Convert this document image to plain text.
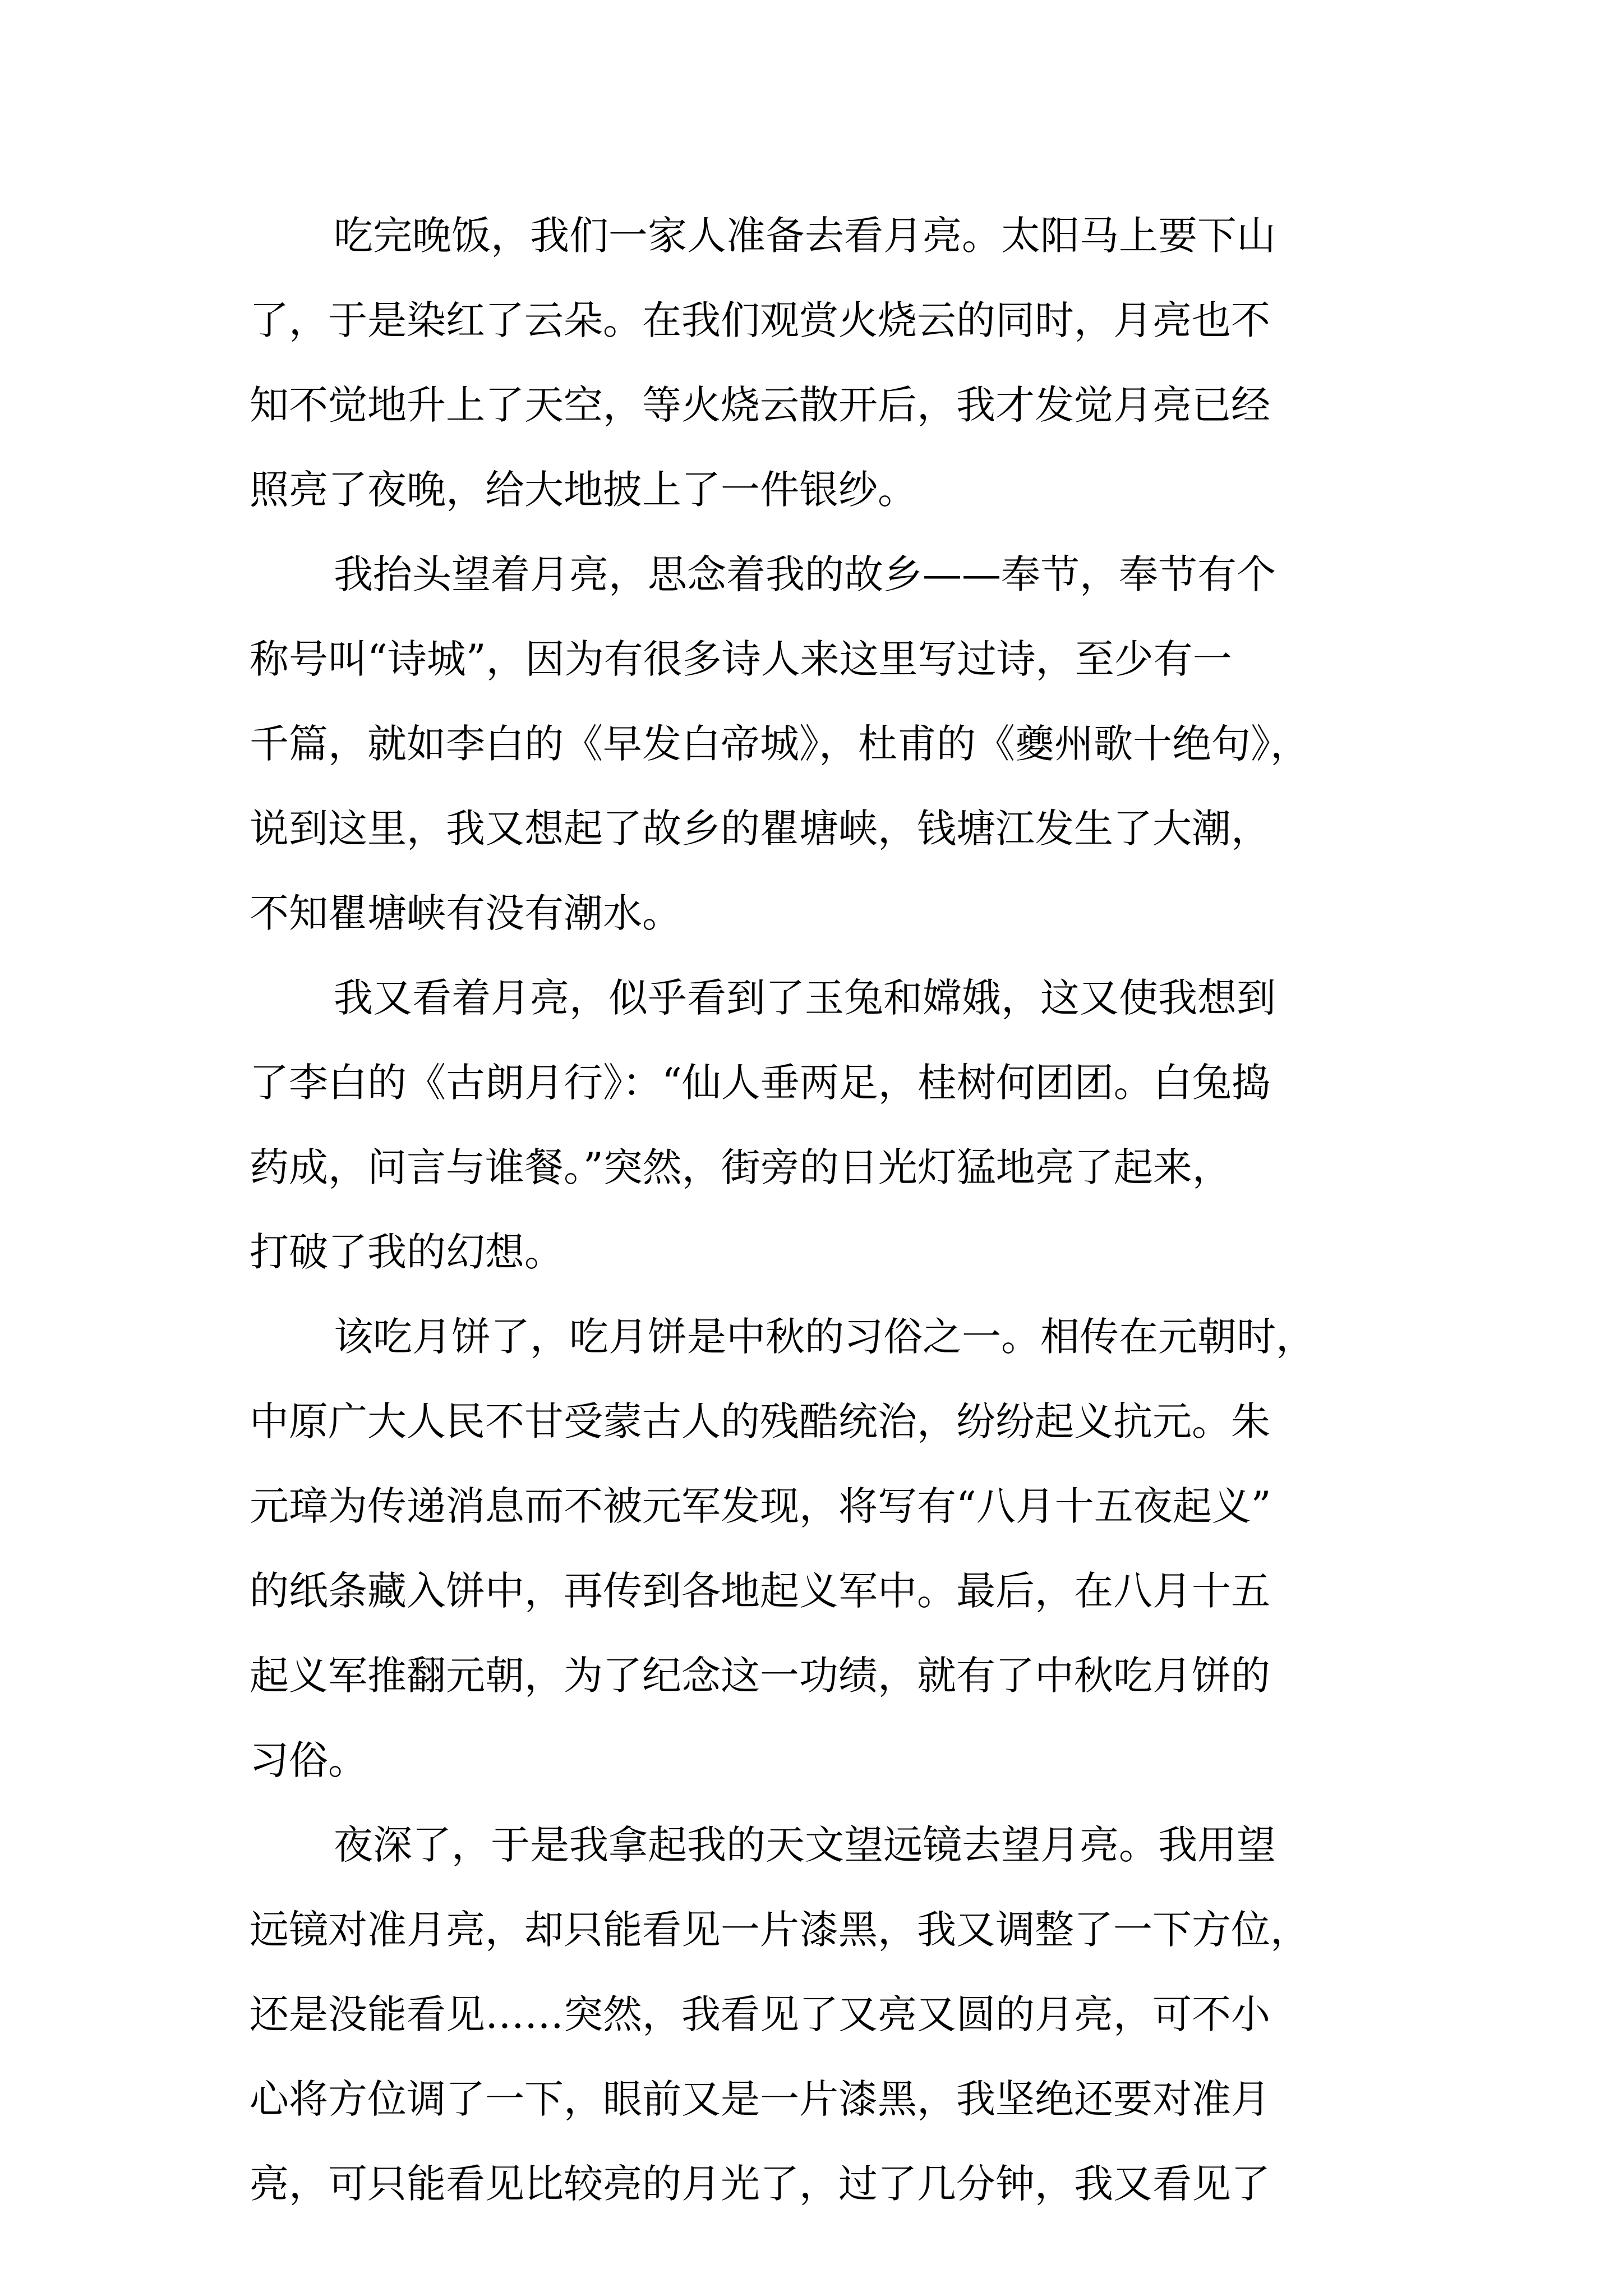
吃完晚饭，我们一家人准备去看月亮。太阳马上要下山
了，于是染红了云朵。在我们观赏火烧云的同时，月亮也不
知不觉地升上了天空，等火烧云散开后，我才发觉月亮已经
照亮了夜晚，给大地披上了一件银纱。
我抬头望着月亮，思念着我的故乡——奉节，奉节有个
称号叫“诗城”，因为有很多诗人来这里写过诗，至少有一
千篇，就如李白的《早发白帝城》，杜甫的《夔州歌十绝句》，
说到这里，我又想起了故乡的瞿塘峡，钱塘江发生了大潮，
不知瞿塘峡有没有潮水。
我又看着月亮，似乎看到了玉兔和嫦娥，这又使我想到
了李白的《古朗月行》：“仙人垂两足，桂树何团团。白兔捣
药成，问言与谁餐。”突然，街旁的日光灯猛地亮了起来，
打破了我的幻想。
该吃月饼了，吃月饼是中秋的习俗之一。相传在元朝时，
中原广大人民不甘受蒙古人的残酷统治，纷纷起义抗元。朱
元璋为传递消息而不被元军发现，将写有“八月十五夜起义”
的纸条藏入饼中，再传到各地起义军中。最后，在八月十五
起义军推翻元朝，为了纪念这一功绩，就有了中秋吃月饼的
习俗。
夜深了，于是我拿起我的天文望远镜去望月亮。我用望
远镜对准月亮，却只能看见一片漆黑，我又调整了一下方位，
还是没能看见……突然，我看见了又亮又圆的月亮，可不小
心将方位调了一下，眼前又是一片漆黑，我坚绝还要对准月
亮，可只能看见比较亮的月光了，过了几分钟，我又看见了
